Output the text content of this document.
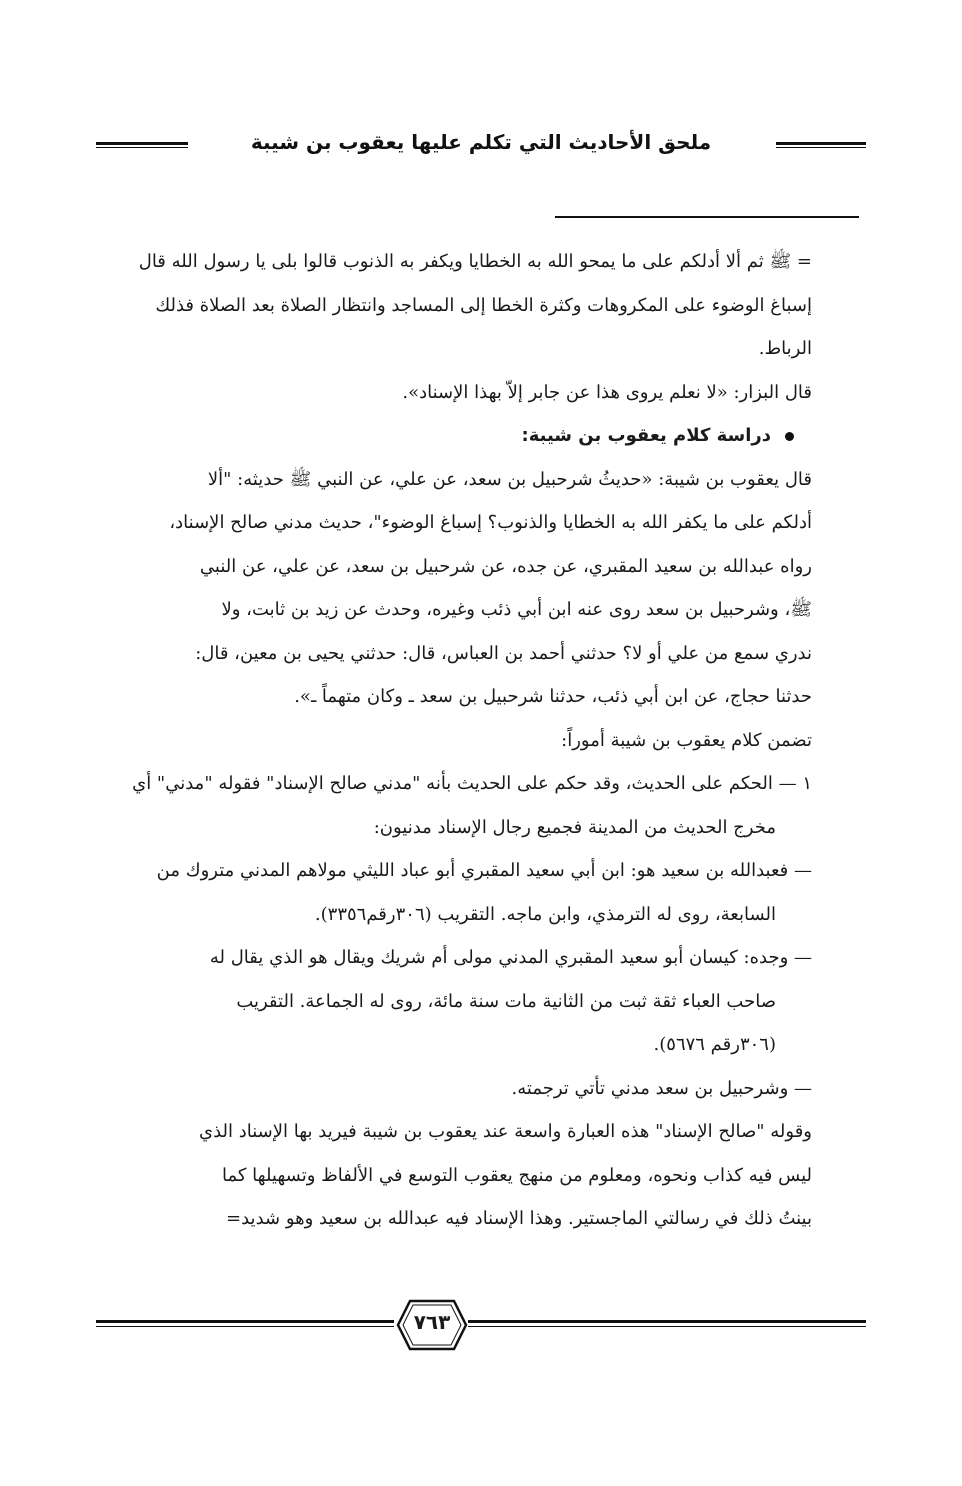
ملحق الأحاديث التي تكلم عليها يعقوب بن شيبة

= ﷺ ثم ألا أدلكم على ما يمحو الله به الخطايا ويكفر به الذنوب قالوا بلى يا رسول الله قال

إسباغ الوضوء على المكروهات وكثرة الخطا إلى المساجد وانتظار الصلاة بعد الصلاة فذلك

الرباط.

قال البزار: «لا نعلم يروى هذا عن جابر إلاّ بهذا الإسناد».

دراسة كلام يعقوب بن شيبة:

قال يعقوب بن شيبة: «حديثُ شرحبيل بن سعد، عن علي، عن النبي ﷺ حديثه: "ألا

أدلكم على ما يكفر الله به الخطايا والذنوب؟ إسباغ الوضوء"، حديث مدني صالح الإسناد،

رواه عبدالله بن سعيد المقبري، عن جده، عن شرحبيل بن سعد، عن علي، عن النبي

ﷺ، وشرحبيل بن سعد روى عنه ابن أبي ذئب وغيره، وحدث عن زيد بن ثابت، ولا

ندري سمع من علي أو لا؟ حدثني أحمد بن العباس، قال: حدثني يحيى بن معين، قال:

حدثنا حجاج، عن ابن أبي ذئب، حدثنا شرحبيل بن سعد ـ وكان متهماً ـ».

تضمن كلام يعقوب بن شيبة أموراً:

١ — الحكم على الحديث، وقد حكم على الحديث بأنه "مدني صالح الإسناد" فقوله "مدني" أي

مخرج الحديث من المدينة فجميع رجال الإسناد مدنيون:

— فعبدالله بن سعيد هو: ابن أبي سعيد المقبري أبو عباد الليثي مولاهم المدني متروك من

السابعة، روى له الترمذي، وابن ماجه. التقريب (٣٠٦رقم٣٣٥٦).

— وجده: كيسان أبو سعيد المقبري المدني مولى أم شريك ويقال هو الذي يقال له

صاحب العباء ثقة ثبت من الثانية مات سنة مائة، روى له الجماعة. التقريب

(٣٠٦رقم ٥٦٧٦).

— وشرحبيل بن سعد مدني تأتي ترجمته.

وقوله "صالح الإسناد" هذه العبارة واسعة عند يعقوب بن شيبة فيريد بها الإسناد الذي

ليس فيه كذاب ونحوه، ومعلوم من منهج يعقوب التوسع في الألفاظ وتسهيلها كما

بينتُ ذلك في رسالتي الماجستير. وهذا الإسناد فيه عبدالله بن سعيد وهو شديد=

٧٦٣
